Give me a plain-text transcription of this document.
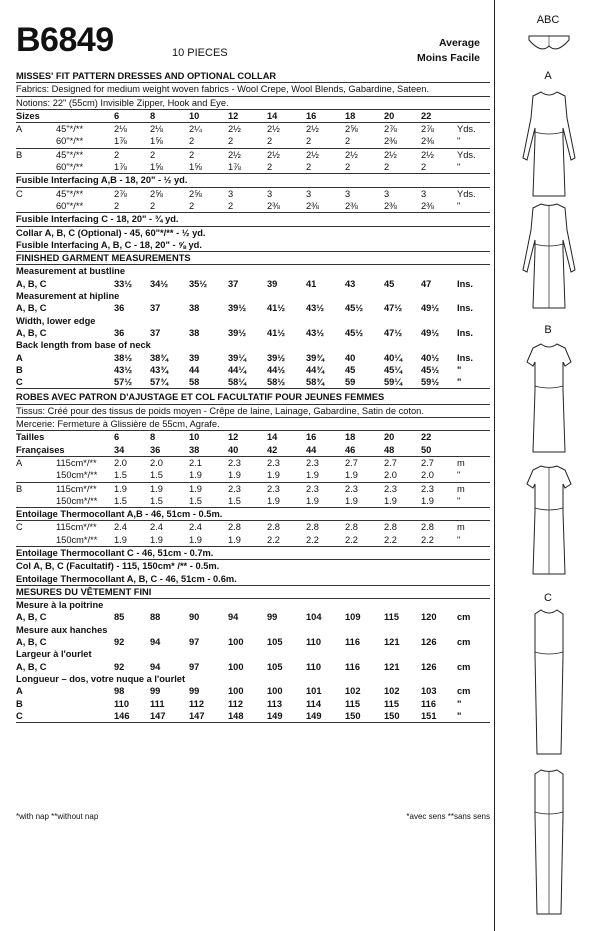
B6849	10 PIECES
Average
Moins Facile
MISSES' FIT PATTERN DRESSES AND OPTIONAL COLLAR
Fabrics: Designed for medium weight woven fabrics - Wool Crepe, Wool Blends, Gabardine, Sateen.
Notions: 22" (55cm) Invisible Zipper, Hook and Eye.
Sizes	6	8	10	12	14	16	18	20	22
A	45"*/**	2⅛ 2⅛	2¼	2½	2½	2½	2⅝	2⅞	2⅞ Yds.
60"*/**	1⅞ 1⅝	2	2	2	2	2	2⅜	2⅜ "
B	45"*/**	2	2	2	2½	2½	2½	2½	2½	2½ Yds.
60"*/**	1⅞ 1⅝	1⅝	1⅞	2	2	2	2	2	"
Fusible Interfacing A,B - 18, 20" - ½ yd.
C	45"*/**	2⅞ 2⅝	2⅝	3	3	3	3	3	3	Yds.
60"*/**	2	2	2	2	2⅜	2⅜	2⅜	2⅜	2⅜ "
Fusible Interfacing C - 18, 20" - ¾ yd.
Collar A, B, C (Optional) - 45, 60"*/** - ½ yd.
Fusible Interfacing A, B, C - 18, 20" - ⅝ yd.
FINISHED GARMENT MEASUREMENTS
Measurement at bustline
A, B, C	33½ 34½ 35½ 37	39	41	43	45	47	Ins.
Measurement at hipline
A, B, C	36	37	38	39½ 41½ 43½ 45½ 47½ 49½ Ins.
Width, lower edge
A, B, C	36	37	38	39½ 41½ 43½ 45½ 47½ 49½ Ins.
Back length from base of neck
A	38½ 38¾ 39	39¼ 39½ 39¾ 40	40¼ 40½ Ins.
B	43½ 43¾ 44	44¼ 44½ 44¾ 45	45¼ 45½ "
C	57½ 57¾ 58	58¼ 58½ 58¾ 59	59¼ 59½ "
ROBES AVEC PATRON D'AJUSTAGE ET COL FACULTATIF POUR JEUNES FEMMES
Tissus: Créé pour des tissus de poids moyen - Crêpe de laine, Lainage, Gabardine, Satin de coton.
Mercerie: Fermeture à Glissière de 55cm, Agrafe.
Tailles	6	8	10	12	14	16	18	20	22
Françaises	34	36	38	40	42	44	46	48	50
A	115cm*/** 2.0 2.0	2.1	2.3	2.3	2.3	2.7	2.7	2.7 m
150cm*/** 1.5 1.5	1.9	1.9	1.9	1.9	1.9	2.0	2.0 "
B	115cm*/** 1.9 1.9	1.9	2.3	2.3	2.3	2.3	2.3	2.3 m
150cm*/** 1.5 1.5	1.5	1.5	1.9	1.9	1.9	1.9	1.9 "
Entoilage Thermocollant A,B - 46, 51cm - 0.5m.
C	115cm*/** 2.4 2.4	2.4	2.8	2.8	2.8	2.8	2.8	2.8 m
150cm*/** 1.9 1.9	1.9	1.9	2.2	2.2	2.2	2.2	2.2 "
Entoilage Thermocollant C - 46, 51cm - 0.7m.
Col A, B, C (Facultatif) - 115, 150cm* /** - 0.5m.
Entoilage Thermocollant A, B, C - 46, 51cm - 0.6m.
MESURES DU VÊTEMENT FINI
Mesure à la poitrine
A, B, C	85	88	90	94	99	104	109	115 120 cm
Mesure aux hanches
A, B, C	92	94	97	100	105	110	116	121 126 cm
Largeur à l'ourlet
A, B, C	92	94	97	100	105	110	116	121 126 cm
Longueur – dos, votre nuque a l'ourlet
A	98	99	99	100	100	101	102	102 103 cm
B	110 111	112	112	113	114	115	115 116 "
C	146 147	147	148	149	149	150	150 151 "
*with nap **without nap	*avec sens **sans sens
ABC
A
B
C
